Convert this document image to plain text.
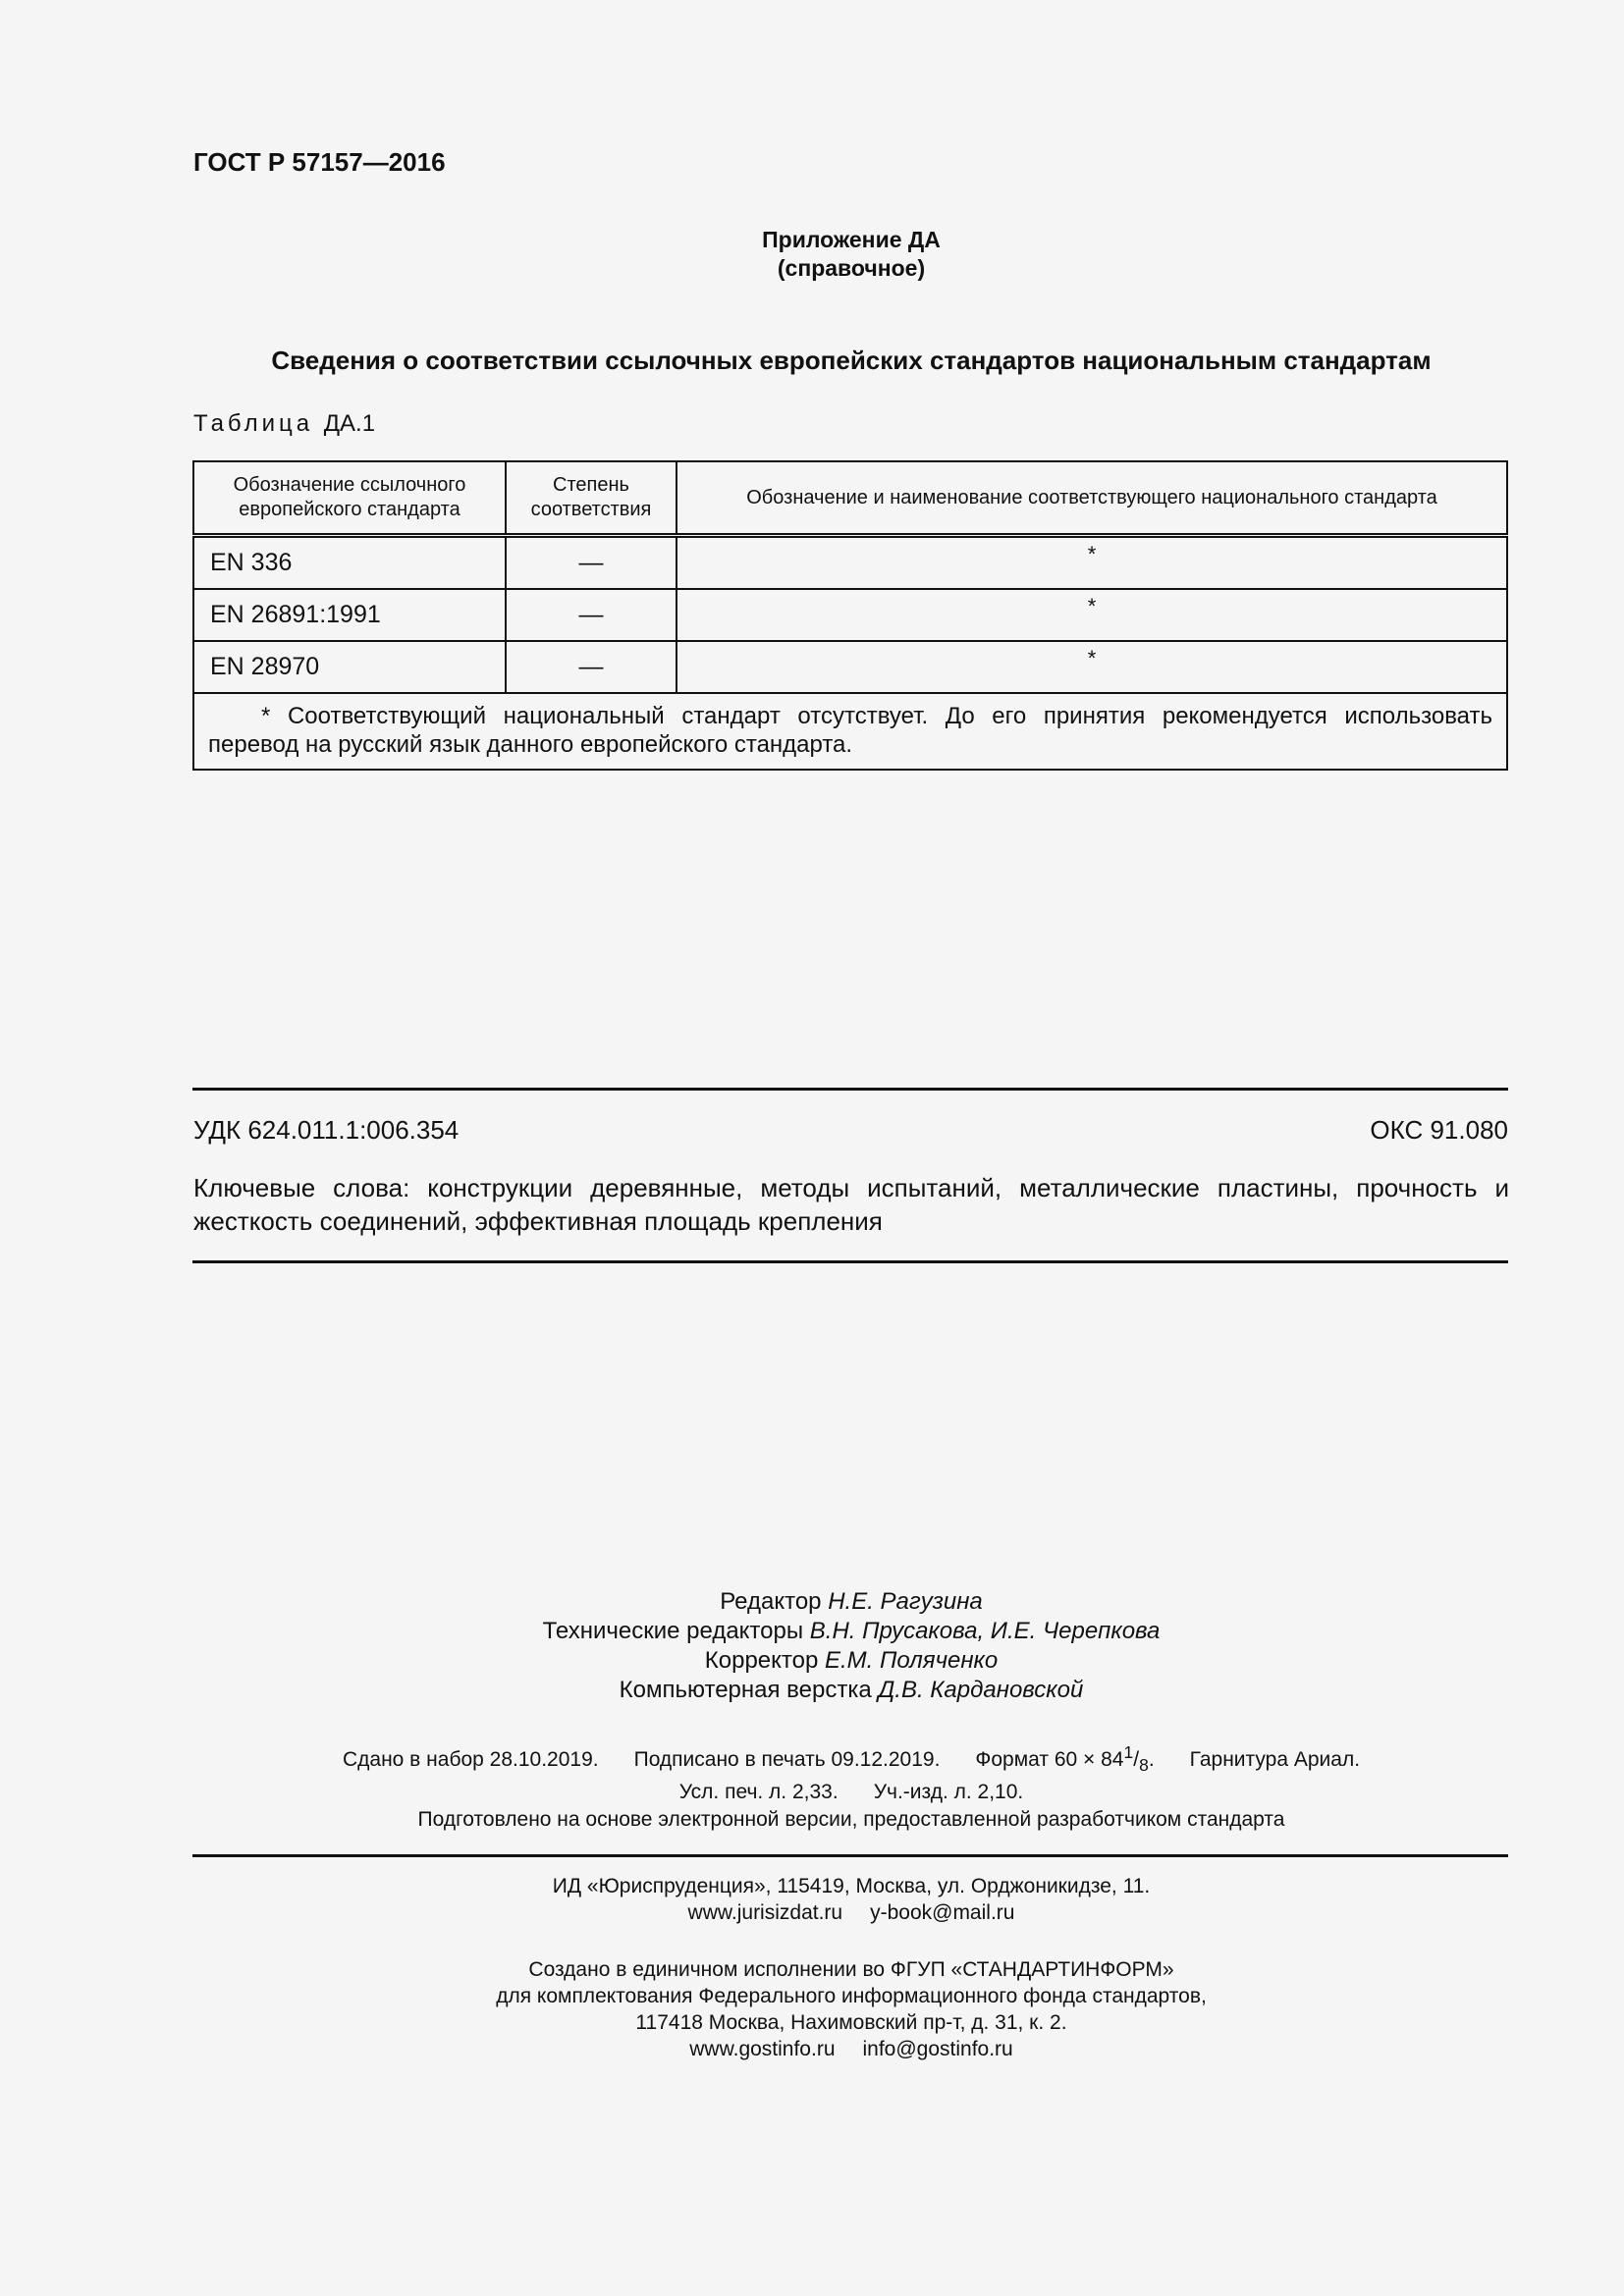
ГОСТ Р 57157—2016
Приложение ДА
(справочное)
Сведения о соответствии ссылочных европейских стандартов национальным стандартам
Таблица ДА.1
Обозначение ссылочного европейского стандарта	Степень соответствия	Обозначение и наименование соответствующего национального стандарта
EN 336	—	*
EN 26891:1991	—	*
EN 28970	—	*
* Соответствующий национальный стандарт отсутствует. До его принятия рекомендуется использовать перевод на русский язык данного европейского стандарта.		
УДК 624.011.1:006.354	ОКС 91.080
Ключевые слова: конструкции деревянные, методы испытаний, металлические пластины, прочность и жесткость соединений, эффективная площадь крепления
Редактор Н.Е. Рагузина
Технические редакторы В.Н. Прусакова, И.Е. Черепкова
Корректор Е.М. Поляченко
Компьютерная верстка Д.В. Кардановской
Сдано в набор 28.10.2019. Подписано в печать 09.12.2019. Формат $60 \times 84^1/_8$. Гарнитура Ариал.
Усл. печ. л. 2,33. Уч.-изд. л. 2,10.
Подготовлено на основе электронной версии, предоставленной разработчиком стандарта
ИД «Юриспруденция», 115419, Москва, ул. Орджоникидзе, 11.
www.jurisizdat.ru y-book@mail.ru
Создано в единичном исполнении во ФГУП «СТАНДАРТИНФОРМ»
для комплектования Федерального информационного фонда стандартов,
117418 Москва, Нахимовский пр-т, д. 31, к. 2.
www.gostinfo.ru info@gostinfo.ru
